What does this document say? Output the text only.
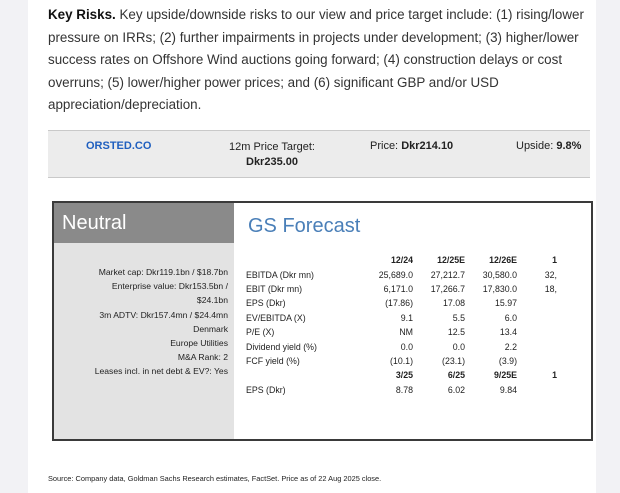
Key Risks. Key upside/downside risks to our view and price target include: (1) rising/lower pressure on IRRs; (2) further impairments in projects under development; (3) higher/lower success rates on Offshore Wind auctions going forward; (4) construction delays or cost overruns; (5) lower/higher power prices; and (6) significant GBP and/or USD appreciation/depreciation.

ORSTED.CO	12m Price Target:
Dkr235.00
Price: Dkr214.10	Upside: 9.8%
Neutral
Market cap: Dkr119.1bn / $18.7bn
Enterprise value: Dkr153.5bn /
$24.1bn
3m ADTV: Dkr157.4mn / $24.4mn
Denmark
Europe Utilities
M&A Rank: 2
Leases incl. in net debt & EV?: Yes
GS Forecast
	12/24	12/25E	12/26E	1
EBITDA (Dkr mn)	25,689.0	27,212.7	30,580.0	32,
EBIT (Dkr mn)	6,171.0	17,266.7	17,830.0	18,
EPS (Dkr)	(17.86)	17.08	15.97	
EV/EBITDA (X)	9.1	5.5	6.0	
P/E (X)	NM	12.5	13.4	
Dividend yield (%)	0.0	0.0	2.2	
FCF yield (%)	(10.1)	(23.1)	(3.9)	
	3/25	6/25	9/25E	1
EPS (Dkr)	8.78	6.02	9.84	
Source: Company data, Goldman Sachs Research estimates, FactSet. Price as of 22 Aug 2025 close.
